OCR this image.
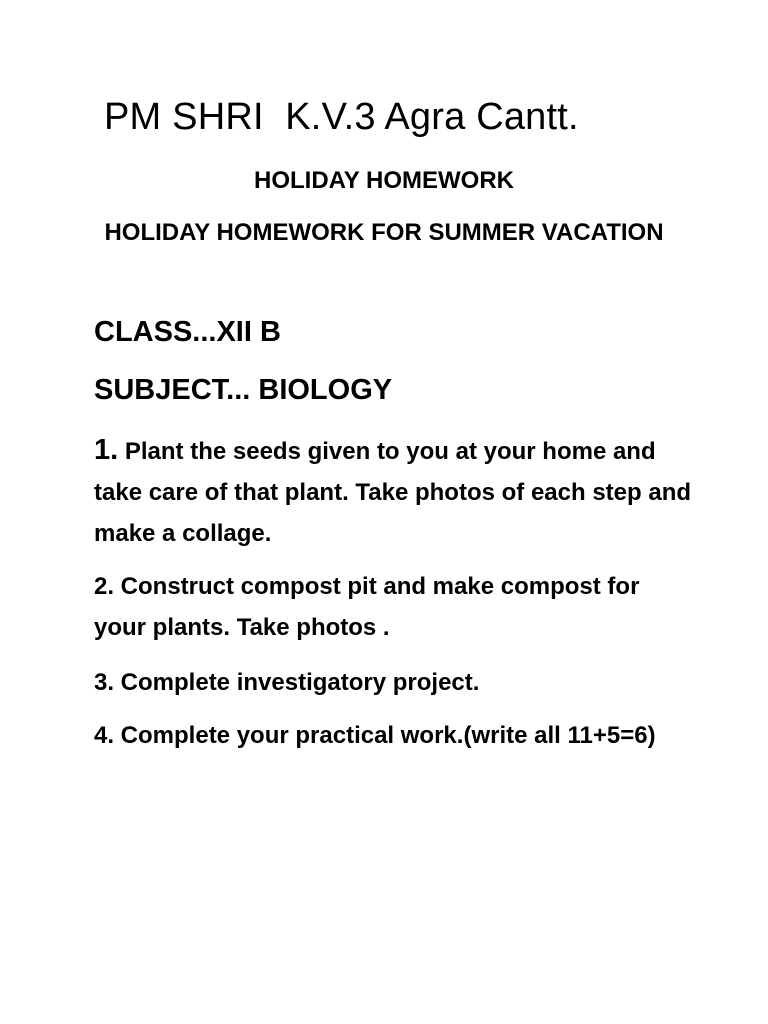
PM SHRI  K.V.3 Agra Cantt.
HOLIDAY HOMEWORK
HOLIDAY HOMEWORK FOR SUMMER VACATION
CLASS...XII B
SUBJECT... BIOLOGY
1. Plant the seeds given to you at your home and take care of that plant. Take photos of each step and make a collage.
2. Construct compost pit and make compost for your plants. Take photos .
3. Complete investigatory project.
4. Complete your practical work.(write all 11+5=6)
